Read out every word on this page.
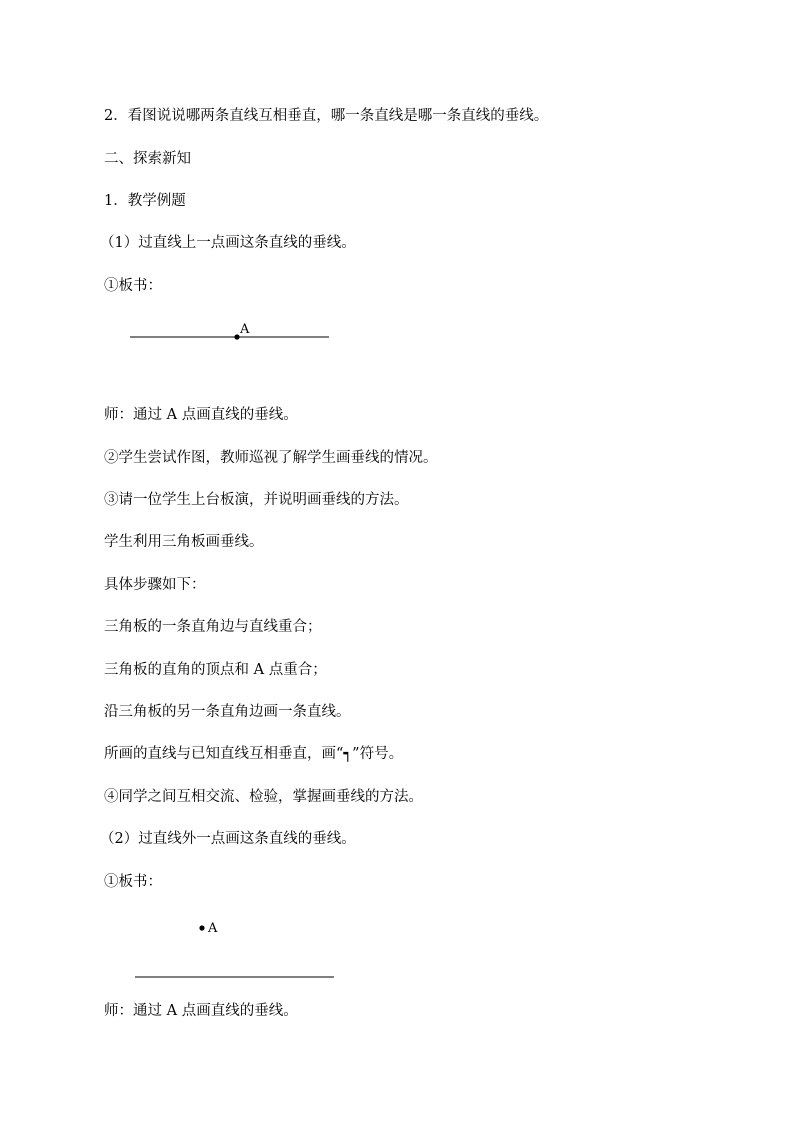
2．看图说说哪两条直线互相垂直，哪一条直线是哪一条直线的垂线。
二、探索新知
1．教学例题
（1）过直线上一点画这条直线的垂线。
①板书：
师：通过 A 点画直线的垂线。
②学生尝试作图，教师巡视了解学生画垂线的情况。
③请一位学生上台板演，并说明画垂线的方法。
学生利用三角板画垂线。
具体步骤如下：
三角板的一条直角边与直线重合；
三角板的直角的顶点和 A 点重合；
沿三角板的另一条直角边画一条直线。
所画的直线与已知直线互相垂直，画“┑”符号。
④同学之间互相交流、检验，掌握画垂线的方法。
（2）过直线外一点画这条直线的垂线。
①板书：
师：通过 A 点画直线的垂线。
A
A
